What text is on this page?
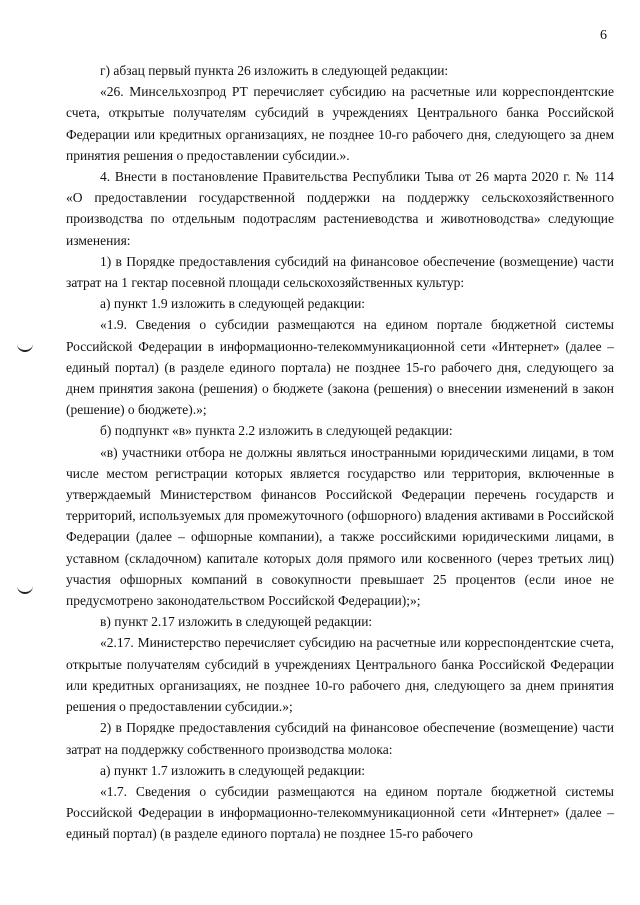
6

г) абзац первый пункта 26 изложить в следующей редакции:

«26. Минсельхозпрод РТ перечисляет субсидию на расчетные или корреспондентские счета, открытые получателям субсидий в учреждениях Центрального банка Российской Федерации или кредитных организациях, не позднее 10-го рабочего дня, следующего за днем принятия решения о предоставлении субсидии.».

4. Внести в постановление Правительства Республики Тыва от 26 марта 2020 г. № 114 «О предоставлении государственной поддержки на поддержку сельскохозяйственного производства по отдельным подотраслям растениеводства и животноводства» следующие изменения:

1) в Порядке предоставления субсидий на финансовое обеспечение (возмещение) части затрат на 1 гектар посевной площади сельскохозяйственных культур:

а) пункт 1.9 изложить в следующей редакции:

«1.9. Сведения о субсидии размещаются на едином портале бюджетной системы Российской Федерации в информационно-телекоммуникационной сети «Интернет» (далее – единый портал) (в разделе единого портала) не позднее 15-го рабочего дня, следующего за днем принятия закона (решения) о бюджете (закона (решения) о внесении изменений в закон (решение) о бюджете).»;

б) подпункт «в» пункта 2.2 изложить в следующей редакции:

«в) участники отбора не должны являться иностранными юридическими лицами, в том числе местом регистрации которых является государство или территория, включенные в утверждаемый Министерством финансов Российской Федерации перечень государств и территорий, используемых для промежуточного (офшорного) владения активами в Российской Федерации (далее – офшорные компании), а также российскими юридическими лицами, в уставном (складочном) капитале которых доля прямого или косвенного (через третьих лиц) участия офшорных компаний в совокупности превышает 25 процентов (если иное не предусмотрено законодательством Российской Федерации);»;

в) пункт 2.17 изложить в следующей редакции:

«2.17. Министерство перечисляет субсидию на расчетные или корреспондентские счета, открытые получателям субсидий в учреждениях Центрального банка Российской Федерации или кредитных организациях, не позднее 10-го рабочего дня, следующего за днем принятия решения о предоставлении субсидии.»;

2) в Порядке предоставления субсидий на финансовое обеспечение (возмещение) части затрат на поддержку собственного производства молока:

а) пункт 1.7 изложить в следующей редакции:

«1.7. Сведения о субсидии размещаются на едином портале бюджетной системы Российской Федерации в информационно-телекоммуникационной сети «Интернет» (далее – единый портал) (в разделе единого портала) не позднее 15-го рабочего
